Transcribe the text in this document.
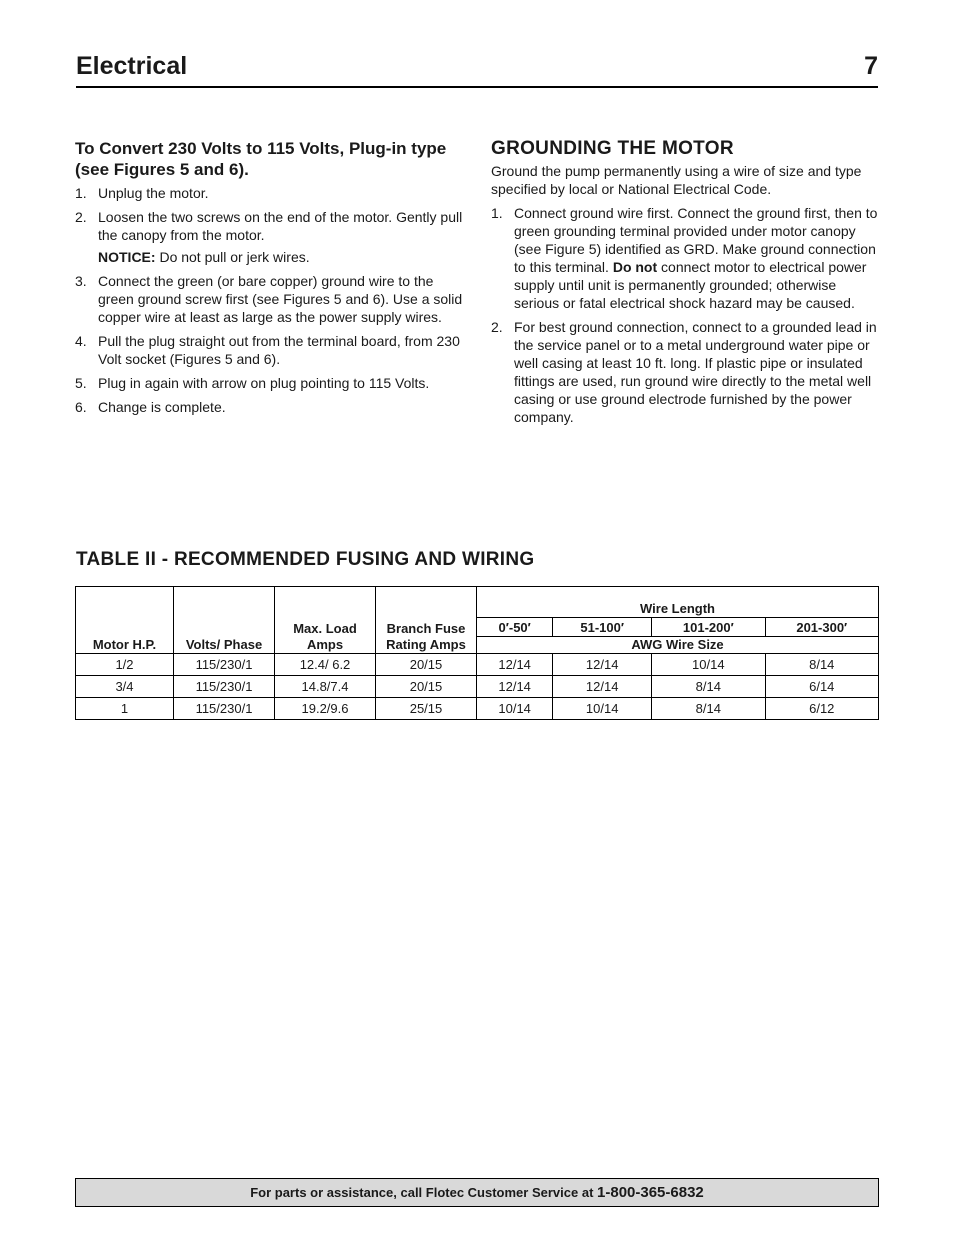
Electrical	7
To Convert 230 Volts to 115 Volts, Plug-in type (see Figures 5 and 6).
1. Unplug the motor.
2. Loosen the two screws on the end of the motor. Gently pull the canopy from the motor.
NOTICE: Do not pull or jerk wires.
3. Connect the green (or bare copper) ground wire to the green ground screw first (see Figures 5 and 6). Use a solid copper wire at least as large as the power supply wires.
4. Pull the plug straight out from the terminal board, from 230 Volt socket (Figures 5 and 6).
5. Plug in again with arrow on plug pointing to 115 Volts.
6. Change is complete.
GROUNDING THE MOTOR

Ground the pump permanently using a wire of size and type specified by local or National Electrical Code.

1. Connect ground wire first. Connect the ground first, then to green grounding terminal provided under motor canopy (see Figure 5) identified as GRD. Make ground connection to this terminal. Do not connect motor to electrical power supply until unit is permanently grounded; otherwise serious or fatal electrical shock hazard may be caused.
2. For best ground connection, connect to a grounded lead in the service panel or to a metal underground water pipe or well casing at least 10 ft. long. If plastic pipe or insulated fittings are used, run ground wire directly to the metal well casing or use ground electrode furnished by the power company.
TABLE II - RECOMMENDED FUSING AND WIRING
Motor H.P.	Volts/ Phase	Max. Load Amps	Branch Fuse Rating Amps	Wire Length			
				0′-50′	51-100′	101-200′	201-300′
				AWG Wire Size			
1/2	115/230/1	12.4/ 6.2	20/15	12/14	12/14	10/14	8/14
3/4	115/230/1	14.8/7.4	20/15	12/14	12/14	8/14	6/14
1	115/230/1	19.2/9.6	25/15	10/14	10/14	8/14	6/12
For parts or assistance, call Flotec Customer Service at 1-800-365-6832
